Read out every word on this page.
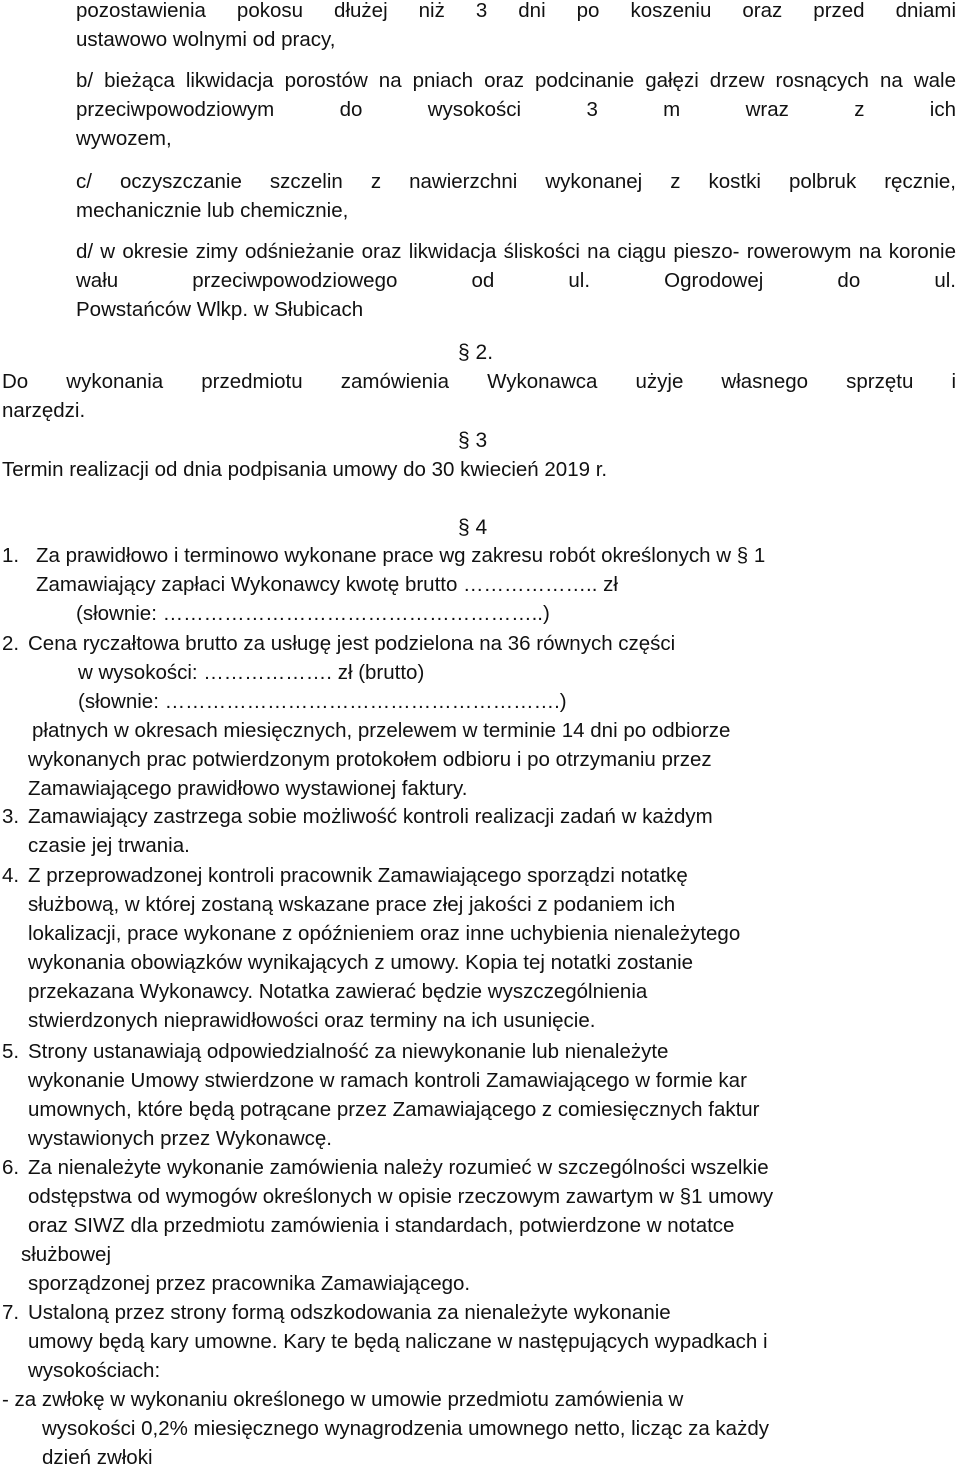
pozostawienia pokosu dłużej niż 3 dni po koszeniu oraz przed dniami
ustawowo wolnymi od pracy,

b/ bieżąca likwidacja porostów na pniach oraz podcinanie gałęzi drzew rosnących na wale przeciwpowodziowym do wysokości 3 m wraz z ich
wywozem,

c/ oczyszczanie szczelin z nawierzchni wykonanej z kostki polbruk ręcznie,
mechanicznie lub chemicznie,

d/ w okresie zimy odśnieżanie oraz likwidacja śliskości na ciągu pieszo- rowerowym na koronie wału przeciwpowodziowego od ul. Ogrodowej do ul.
Powstańców Wlkp. w Słubicach

§ 2.

Do wykonania przedmiotu zamówienia Wykonawca użyje własnego sprzętu i
narzędzi.

§ 3

Termin realizacji od dnia podpisania umowy do 30 kwiecień 2019 r.

§ 4
1. Za prawidłowo i terminowo wykonane prace wg zakresu robót określonych w § 1
Zamawiający zapłaci Wykonawcy kwotę brutto ……………….. zł
(słownie: ………………………………………………..)
2. Cena ryczałtowa brutto za usługę jest podzielona na 36 równych części
w wysokości: ………………. zł (brutto)
(słownie: ………………………………………………….)
płatnych w okresach miesięcznych, przelewem w terminie 14 dni po odbiorze
wykonanych prac potwierdzonym protokołem odbioru i po otrzymaniu przez
Zamawiającego prawidłowo wystawionej faktury.
3. Zamawiający zastrzega sobie możliwość kontroli realizacji zadań w każdym
czasie jej trwania.
4. Z przeprowadzonej kontroli pracownik Zamawiającego sporządzi notatkę
służbową, w której zostaną wskazane prace złej jakości z podaniem ich
lokalizacji, prace wykonane z opóźnieniem oraz inne uchybienia nienależytego
wykonania obowiązków wynikających z umowy. Kopia tej notatki zostanie
przekazana Wykonawcy. Notatka zawierać będzie wyszczególnienia
stwierdzonych nieprawidłowości oraz terminy na ich usunięcie.
5. Strony ustanawiają odpowiedzialność za niewykonanie lub nienależyte
wykonanie Umowy stwierdzone w ramach kontroli Zamawiającego w formie kar
umownych, które będą potrącane przez Zamawiającego z comiesięcznych faktur
wystawionych przez Wykonawcę.
6. Za nienależyte wykonanie zamówienia należy rozumieć w szczególności wszelkie
odstępstwa od wymogów określonych w opisie rzeczowym zawartym w §1 umowy
oraz SIWZ dla przedmiotu zamówienia i standardach, potwierdzone w notatce
służbowej
sporządzonej przez pracownika Zamawiającego.
7. Ustaloną przez strony formą odszkodowania za nienależyte wykonanie
umowy będą kary umowne. Kary te będą naliczane w następujących wypadkach i
wysokościach:
- za zwłokę w wykonaniu określonego w umowie przedmiotu zamówienia w
wysokości 0,2% miesięcznego wynagrodzenia umownego netto, licząc za każdy
dzień zwłoki
